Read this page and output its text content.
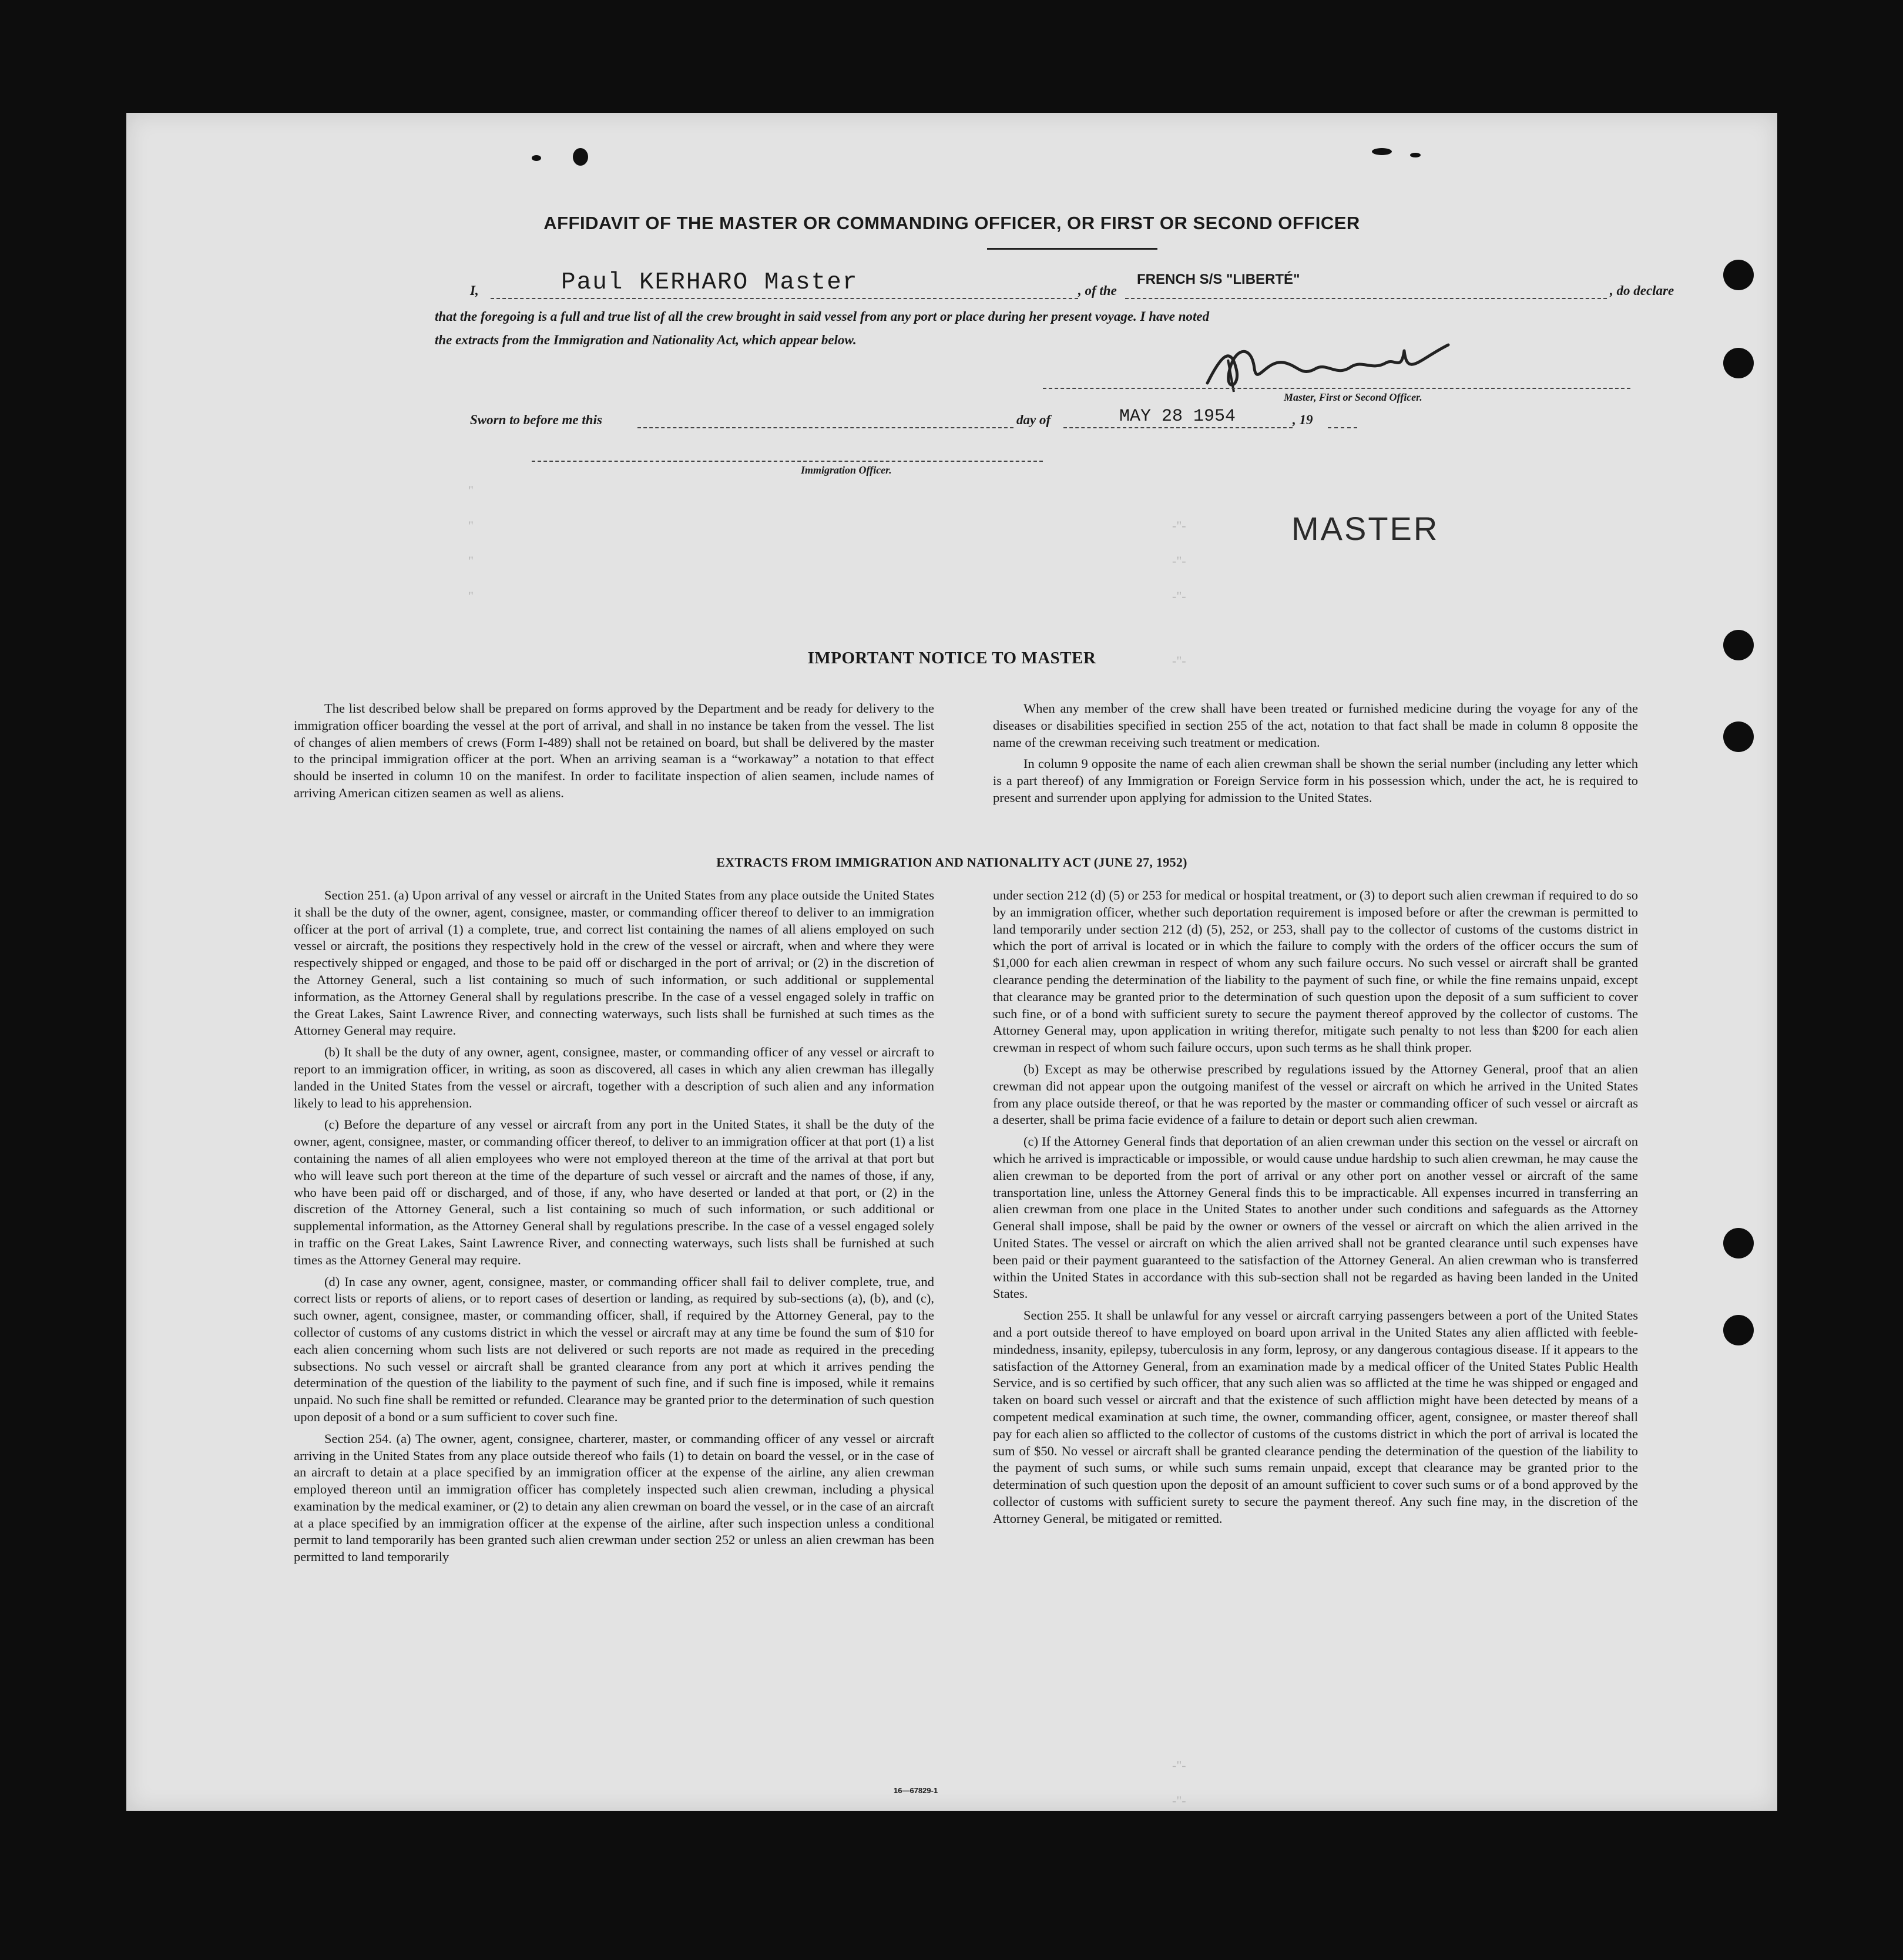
"
"
"
"
-"-
-"-
-"-
-"-
-"-
-"-
AFFIDAVIT OF THE MASTER OR COMMANDING OFFICER, OR FIRST OR SECOND OFFICER
I,	Paul KERHARO Master	, of the
FRENCH S/S "LIBERTÉ"
, do declare
that the foregoing is a full and true list of all the crew brought in said vessel from any port or place during her present voyage. I have noted
the extracts from the Immigration and Nationality Act, which appear below.
Master, First or Second Officer.
MASTER
Sworn to before me this	day of	MAY 28 1954	, 19
Immigration Officer.
IMPORTANT NOTICE TO MASTER

The list described below shall be prepared on forms approved by the Department and be ready for delivery to the immigration officer boarding the vessel at the port of arrival, and shall in no instance be taken from the vessel. The list of changes of alien members of crews (Form I-489) shall not be retained on board, but shall be delivered by the master to the principal immigration officer at the port. When an arriving seaman is a “workaway” a notation to that effect should be inserted in column 10 on the manifest. In order to facilitate inspection of alien seamen, include names of arriving American citizen seamen as well as aliens.

When any member of the crew shall have been treated or furnished medicine during the voyage for any of the diseases or disabilities specified in section 255 of the act, notation to that fact shall be made in column 8 opposite the name of the crewman receiving such treatment or medication.

In column 9 opposite the name of each alien crewman shall be shown the serial number (including any letter which is a part thereof) of any Immigration or Foreign Service form in his possession which, under the act, he is required to present and surrender upon applying for admission to the United States.

EXTRACTS FROM IMMIGRATION AND NATIONALITY ACT (JUNE 27, 1952)

Section 251. (a) Upon arrival of any vessel or aircraft in the United States from any place outside the United States it shall be the duty of the owner, agent, consignee, master, or commanding officer thereof to deliver to an immigration officer at the port of arrival (1) a complete, true, and correct list containing the names of all aliens employed on such vessel or aircraft, the positions they respectively hold in the crew of the vessel or aircraft, when and where they were respectively shipped or engaged, and those to be paid off or discharged in the port of arrival; or (2) in the discretion of the Attorney General, such a list containing so much of such information, or such additional or supplemental information, as the Attorney General shall by regulations prescribe. In the case of a vessel engaged solely in traffic on the Great Lakes, Saint Lawrence River, and connecting waterways, such lists shall be furnished at such times as the Attorney General may require.

(b) It shall be the duty of any owner, agent, consignee, master, or commanding officer of any vessel or aircraft to report to an immigration officer, in writing, as soon as discovered, all cases in which any alien crewman has illegally landed in the United States from the vessel or aircraft, together with a description of such alien and any information likely to lead to his apprehension.

(c) Before the departure of any vessel or aircraft from any port in the United States, it shall be the duty of the owner, agent, consignee, master, or commanding officer thereof, to deliver to an immigration officer at that port (1) a list containing the names of all alien employees who were not employed thereon at the time of the arrival at that port but who will leave such port thereon at the time of the departure of such vessel or aircraft and the names of those, if any, who have been paid off or discharged, and of those, if any, who have deserted or landed at that port, or (2) in the discretion of the Attorney General, such a list containing so much of such information, or such additional or supplemental information, as the Attorney General shall by regulations prescribe. In the case of a vessel engaged solely in traffic on the Great Lakes, Saint Lawrence River, and connecting waterways, such lists shall be furnished at such times as the Attorney General may require.

(d) In case any owner, agent, consignee, master, or commanding officer shall fail to deliver complete, true, and correct lists or reports of aliens, or to report cases of desertion or landing, as required by sub-sections (a), (b), and (c), such owner, agent, consignee, master, or commanding officer, shall, if required by the Attorney General, pay to the collector of customs of any customs district in which the vessel or aircraft may at any time be found the sum of $10 for each alien concerning whom such lists are not delivered or such reports are not made as required in the preceding subsections. No such vessel or aircraft shall be granted clearance from any port at which it arrives pending the determination of the question of the liability to the payment of such fine, and if such fine is imposed, while it remains unpaid. No such fine shall be remitted or refunded. Clearance may be granted prior to the determination of such question upon deposit of a bond or a sum sufficient to cover such fine.

Section 254. (a) The owner, agent, consignee, charterer, master, or commanding officer of any vessel or aircraft arriving in the United States from any place outside thereof who fails (1) to detain on board the vessel, or in the case of an aircraft to detain at a place specified by an immigration officer at the expense of the airline, any alien crewman employed thereon until an immigration officer has completely inspected such alien crewman, including a physical examination by the medical examiner, or (2) to detain any alien crewman on board the vessel, or in the case of an aircraft at a place specified by an immigration officer at the expense of the airline, after such inspection unless a conditional permit to land temporarily has been granted such alien crewman under section 252 or unless an alien crewman has been permitted to land temporarily

under section 212 (d) (5) or 253 for medical or hospital treatment, or (3) to deport such alien crewman if required to do so by an immigration officer, whether such deportation requirement is imposed before or after the crewman is permitted to land temporarily under section 212 (d) (5), 252, or 253, shall pay to the collector of customs of the customs district in which the port of arrival is located or in which the failure to comply with the orders of the officer occurs the sum of $1,000 for each alien crewman in respect of whom any such failure occurs. No such vessel or aircraft shall be granted clearance pending the determination of the liability to the payment of such fine, or while the fine remains unpaid, except that clearance may be granted prior to the determination of such question upon the deposit of a sum sufficient to cover such fine, or of a bond with sufficient surety to secure the payment thereof approved by the collector of customs. The Attorney General may, upon application in writing therefor, mitigate such penalty to not less than $200 for each alien crewman in respect of whom such failure occurs, upon such terms as he shall think proper.

(b) Except as may be otherwise prescribed by regulations issued by the Attorney General, proof that an alien crewman did not appear upon the outgoing manifest of the vessel or aircraft on which he arrived in the United States from any place outside thereof, or that he was reported by the master or commanding officer of such vessel or aircraft as a deserter, shall be prima facie evidence of a failure to detain or deport such alien crewman.

(c) If the Attorney General finds that deportation of an alien crewman under this section on the vessel or aircraft on which he arrived is impracticable or impossible, or would cause undue hardship to such alien crewman, he may cause the alien crewman to be deported from the port of arrival or any other port on another vessel or aircraft of the same transportation line, unless the Attorney General finds this to be impracticable. All expenses incurred in transferring an alien crewman from one place in the United States to another under such conditions and safeguards as the Attorney General shall impose, shall be paid by the owner or owners of the vessel or aircraft on which the alien arrived in the United States. The vessel or aircraft on which the alien arrived shall not be granted clearance until such expenses have been paid or their payment guaranteed to the satisfaction of the Attorney General. An alien crewman who is transferred within the United States in accordance with this sub-section shall not be regarded as having been landed in the United States.

Section 255. It shall be unlawful for any vessel or aircraft carrying passengers between a port of the United States and a port outside thereof to have employed on board upon arrival in the United States any alien afflicted with feeble-mindedness, insanity, epilepsy, tuberculosis in any form, leprosy, or any dangerous contagious disease. If it appears to the satisfaction of the Attorney General, from an examination made by a medical officer of the United States Public Health Service, and is so certified by such officer, that any such alien was so afflicted at the time he was shipped or engaged and taken on board such vessel or aircraft and that the existence of such affliction might have been detected by means of a competent medical examination at such time, the owner, commanding officer, agent, consignee, or master thereof shall pay for each alien so afflicted to the collector of customs of the customs district in which the port of arrival is located the sum of $50. No vessel or aircraft shall be granted clearance pending the determination of the question of the liability to the payment of such sums, or while such sums remain unpaid, except that clearance may be granted prior to the determination of such question upon the deposit of an amount sufficient to cover such sums or of a bond approved by the collector of customs with sufficient surety to secure the payment thereof. Any such fine may, in the discretion of the Attorney General, be mitigated or remitted.

16—67829-1
